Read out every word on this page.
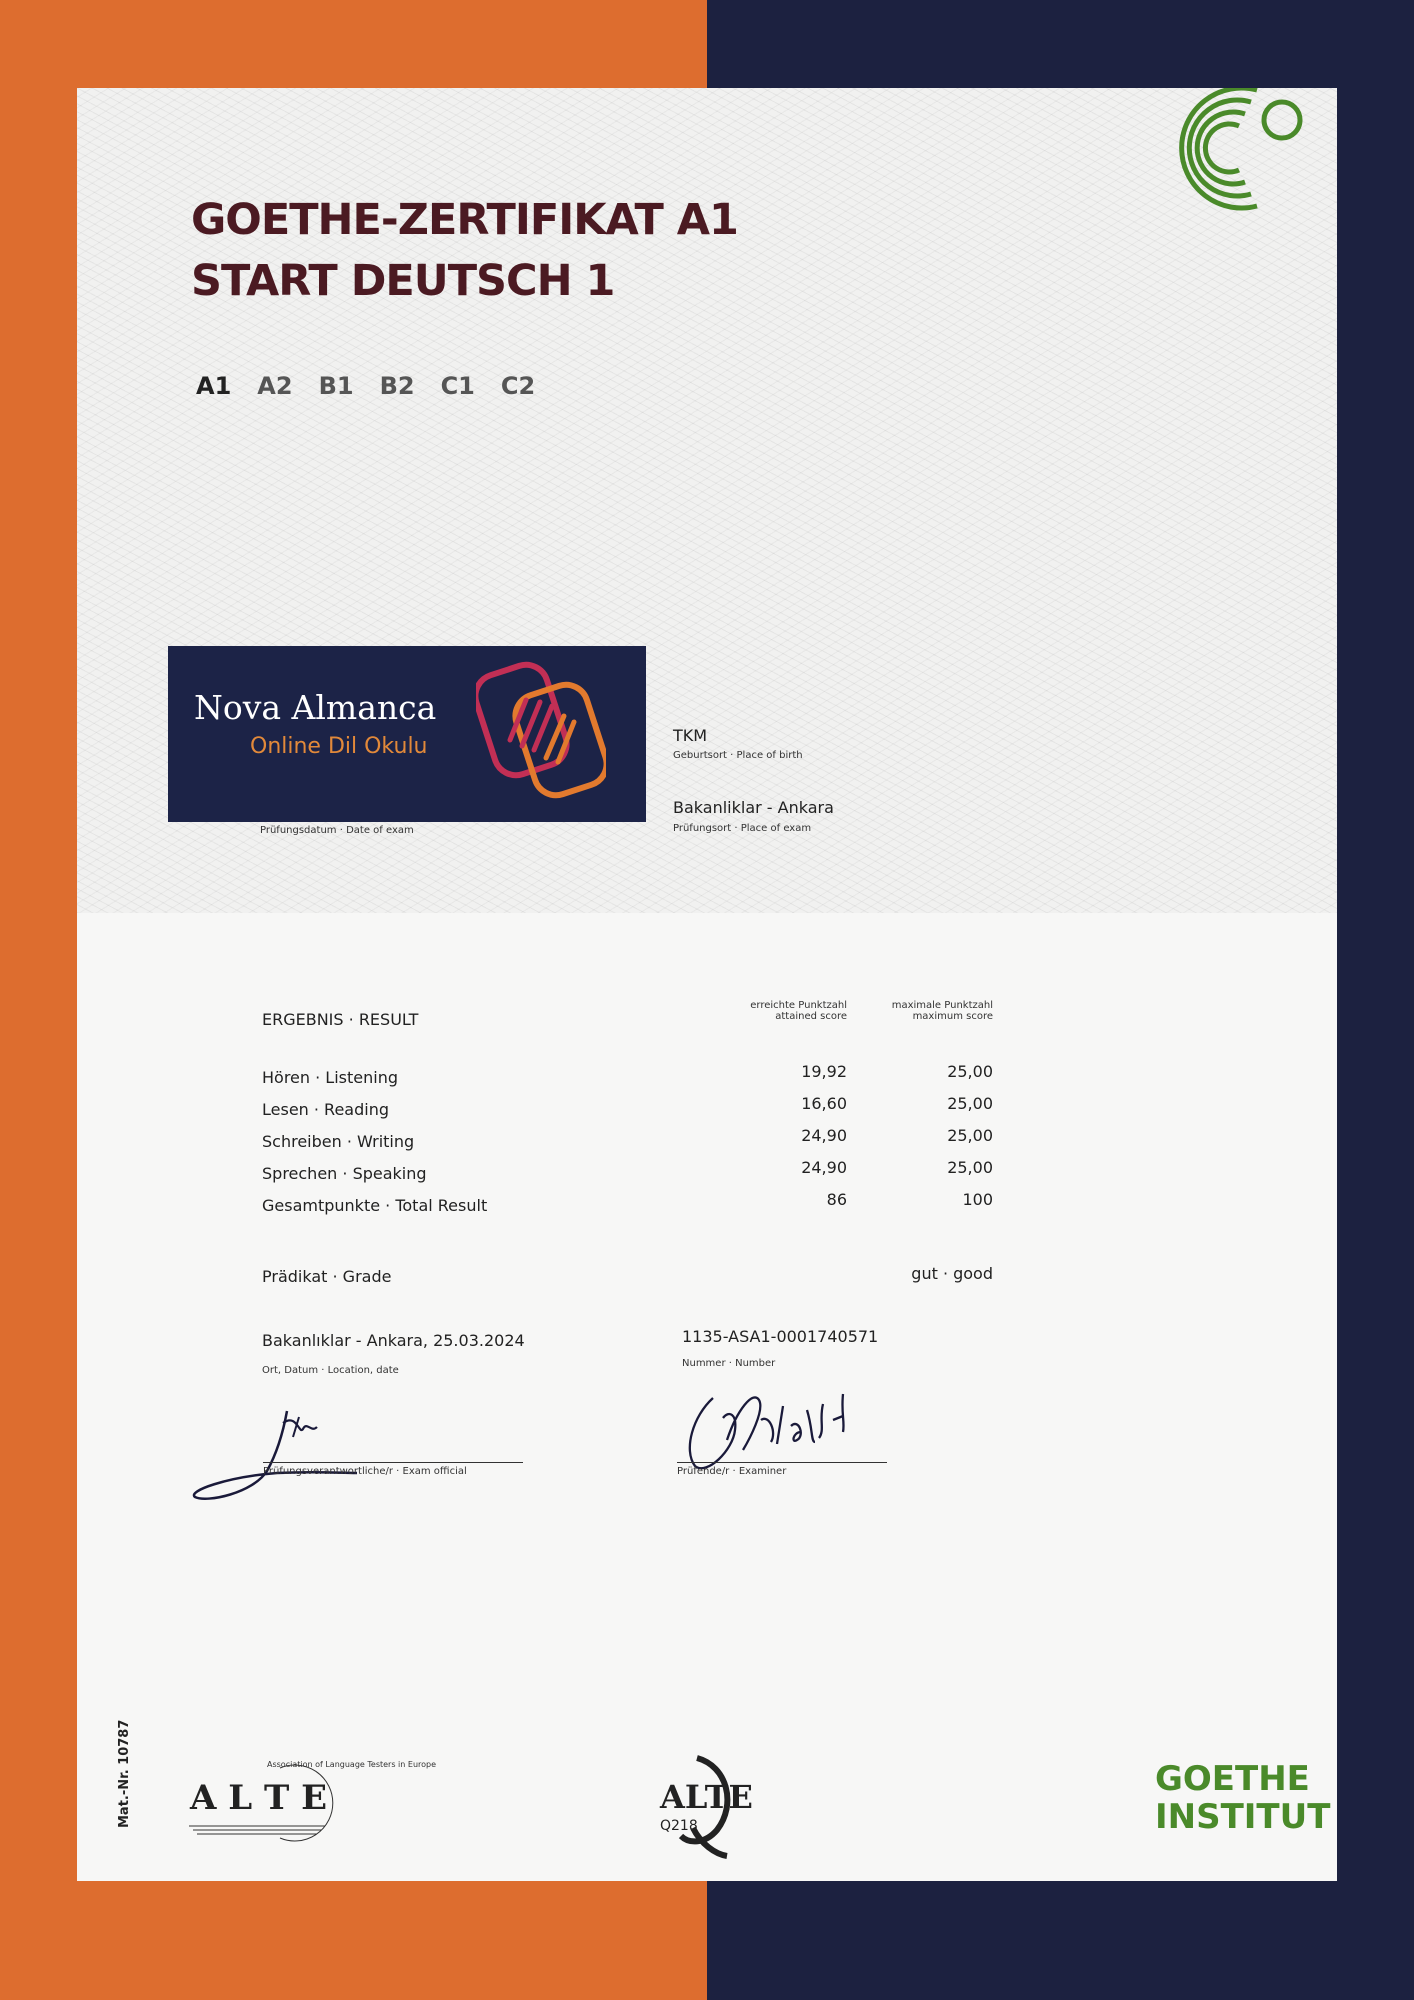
GOETHE-ZERTIFIKAT A1
START DEUTSCH 1
A1 A2 B1 B2 C1 C2
Nova Almanca
Online Dil Okulu
Prüfungsdatum · Date of exam
TKM
Geburtsort · Place of birth
Bakanliklar - Ankara
Prüfungsort · Place of exam
ERGEBNIS · RESULT
erreichte Punktzahl attained score
maximale Punktzahl maximum score
Hören · Listening	19,92	25,00
Lesen · Reading	16,60	25,00
Schreiben · Writing	24,90	25,00
Sprechen · Speaking	24,90	25,00
Gesamtpunkte · Total Result	86	100
Prädikat · Grade	gut · good
Bakanlıklar - Ankara, 25.03.2024
Ort, Datum · Location, date
1135-ASA1-0001740571
Nummer · Number
Prüfungsverantwortliche/r · Exam official	Prüfende/r · Examiner
Mat.-Nr. 10787 A L T E
Association of Language Testers in Europe
ALTE
Q218
GOETHE
INSTITUT
